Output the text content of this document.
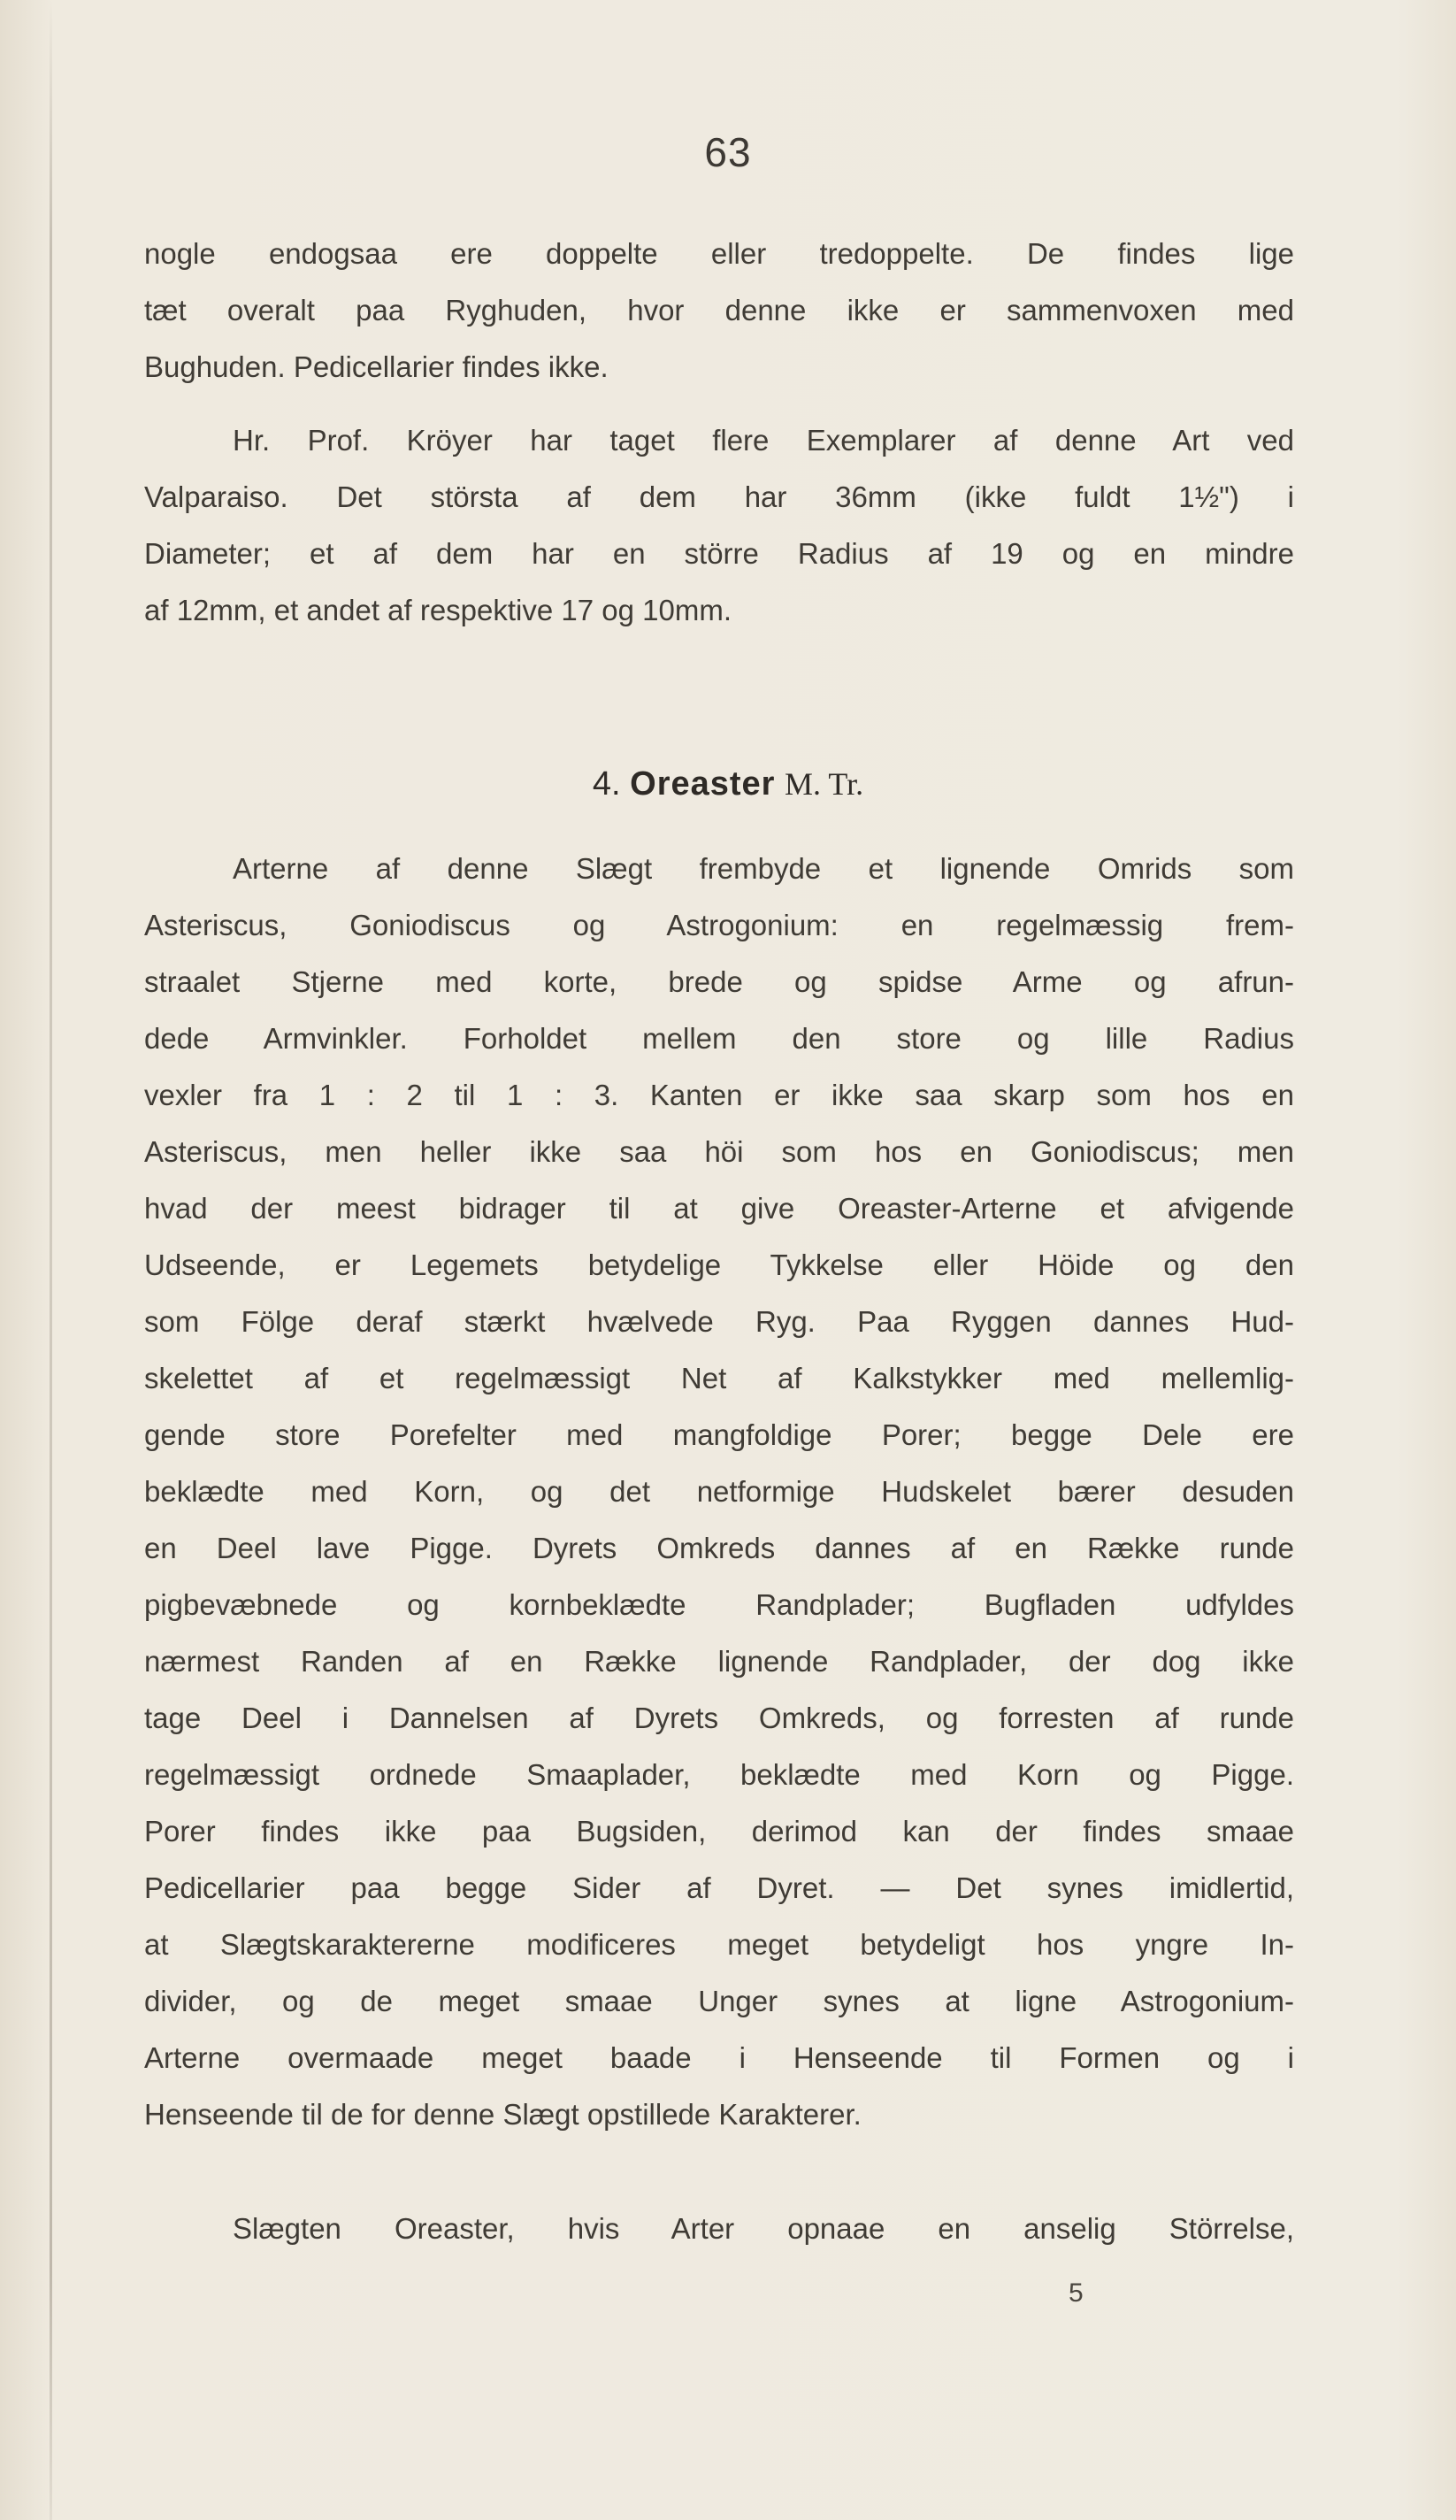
63
nogle endogsaa ere doppelte eller tredoppelte. De findes lige
tæt overalt paa Ryghuden, hvor denne ikke er sammenvoxen med
Bughuden. Pedicellarier findes ikke.
Hr. Prof. Kröyer har taget flere Exemplarer af denne Art ved
Valparaiso. Det största af dem har 36mm (ikke fuldt 1½") i
Diameter; et af dem har en större Radius af 19 og en mindre
af 12mm, et andet af respektive 17 og 10mm.
4. Oreaster M. Tr.
Arterne af denne Slægt frembyde et lignende Omrids som
Asteriscus, Goniodiscus og Astrogonium: en regelmæssig frem-
straalet Stjerne med korte, brede og spidse Arme og afrun-
dede Armvinkler. Forholdet mellem den store og lille Radius
vexler fra 1 : 2 til 1 : 3. Kanten er ikke saa skarp som hos en
Asteriscus, men heller ikke saa höi som hos en Goniodiscus; men
hvad der meest bidrager til at give Oreaster-Arterne et afvigende
Udseende, er Legemets betydelige Tykkelse eller Höide og den
som Fölge deraf stærkt hvælvede Ryg. Paa Ryggen dannes Hud-
skelettet af et regelmæssigt Net af Kalkstykker med mellemlig-
gende store Porefelter med mangfoldige Porer; begge Dele ere
beklædte med Korn, og det netformige Hudskelet bærer desuden
en Deel lave Pigge. Dyrets Omkreds dannes af en Række runde
pigbevæbnede og kornbeklædte Randplader; Bugfladen udfyldes
nærmest Randen af en Række lignende Randplader, der dog ikke
tage Deel i Dannelsen af Dyrets Omkreds, og forresten af runde
regelmæssigt ordnede Smaaplader, beklædte med Korn og Pigge.
Porer findes ikke paa Bugsiden, derimod kan der findes smaae
Pedicellarier paa begge Sider af Dyret. — Det synes imidlertid,
at Slægtskaraktererne modificeres meget betydeligt hos yngre In-
divider, og de meget smaae Unger synes at ligne Astrogonium-
Arterne overmaade meget baade i Henseende til Formen og i
Henseende til de for denne Slægt opstillede Karakterer.
Slægten Oreaster, hvis Arter opnaae en anselig Störrelse,
5
